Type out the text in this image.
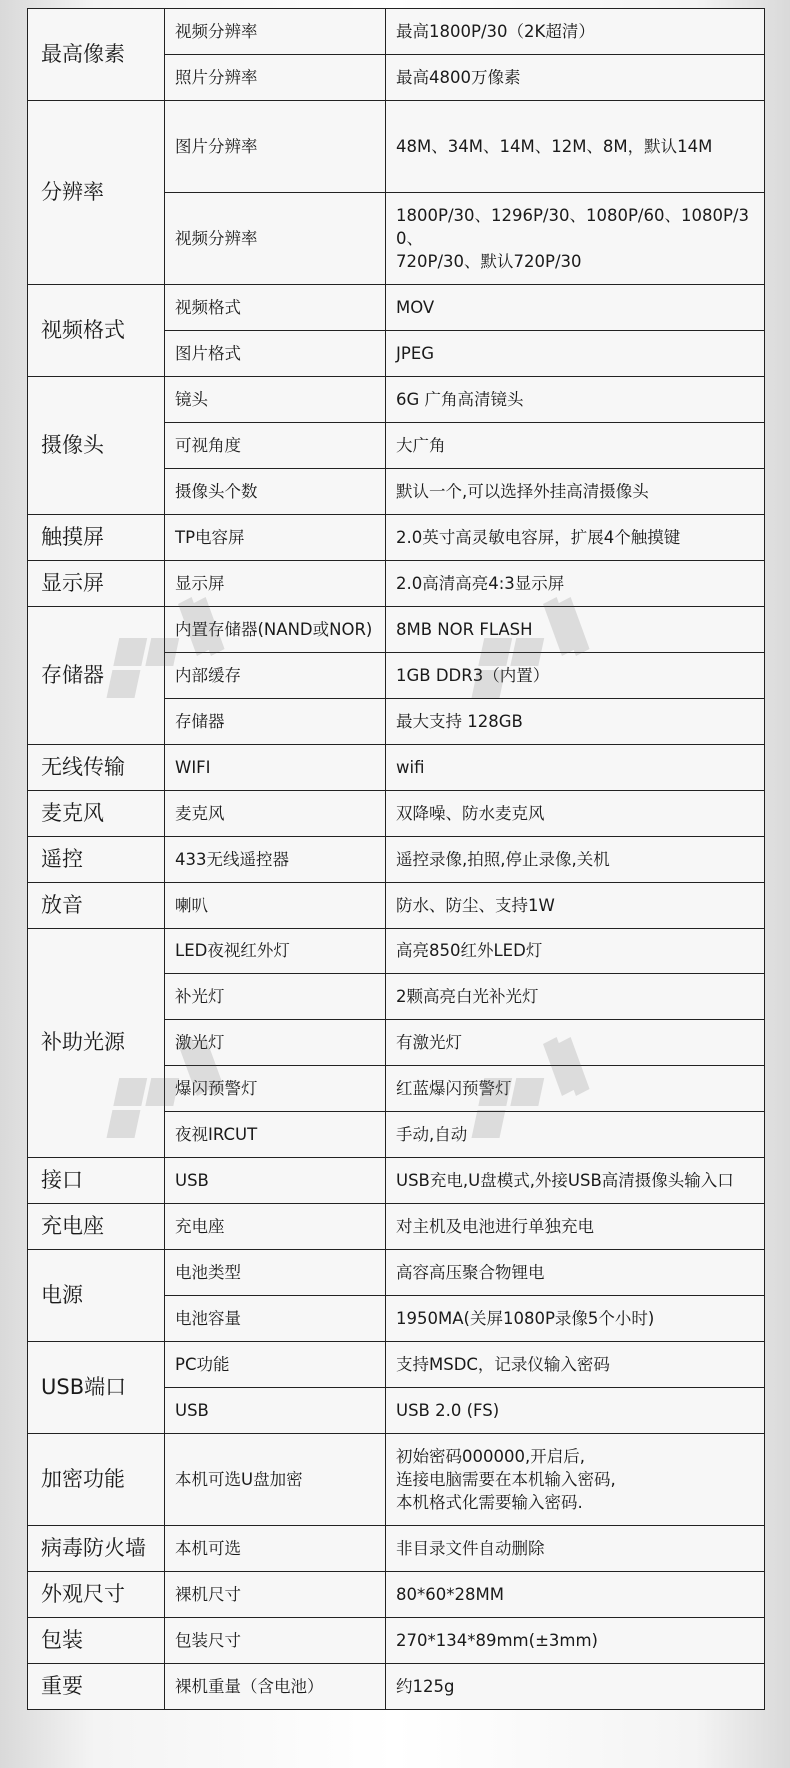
最高像素	视频分辨率	最高1800P/30（2K超清）

	照片分辨率	最高4800万像素

分辨率	图片分辨率	48M、34M、14M、12M、8M，默认14M

	视频分辨率	1800P/30、1296P/30、1080P/60、1080P/30、
720P/30、默认720P/30

视频格式	视频格式	MOV

	图片格式	JPEG

摄像头	镜头	6G 广角高清镜头

	可视角度	大广角

	摄像头个数	默认一个,可以选择外挂高清摄像头

触摸屏	TP电容屏	2.0英寸高灵敏电容屏，扩展4个触摸键

显示屏	显示屏	2.0高清高亮4:3显示屏

存储器	内置存储器(NAND或NOR)	8MB NOR FLASH

	内部缓存	1GB DDR3（内置）

	存储器	最大支持 128GB

无线传输	WIFI	wifi

麦克风	麦克风	双降噪、防水麦克风

遥控	433无线遥控器	遥控录像,拍照,停止录像,关机

放音	喇叭	防水、防尘、支持1W

补助光源	LED夜视红外灯	高亮850红外LED灯

	补光灯	2颗高亮白光补光灯

	激光灯	有激光灯

	爆闪预警灯	红蓝爆闪预警灯

	夜视IRCUT	手动,自动

接口	USB	USB充电,U盘模式,外接USB高清摄像头输入口

充电座	充电座	对主机及电池进行单独充电

电源	电池类型	高容高压聚合物锂电

	电池容量	1950MA(关屏1080P录像5个小时)

USB端口	PC功能	支持MSDC，记录仪输入密码

	USB	USB 2.0 (FS)

加密功能	本机可选U盘加密	初始密码000000,开启后,
连接电脑需要在本机输入密码,
本机格式化需要输入密码.

病毒防火墙	本机可选	非目录文件自动删除

外观尺寸	裸机尺寸	80*60*28MM

包装	包装尺寸	270*134*89mm(±3mm)

重要	裸机重量（含电池）	约125g
